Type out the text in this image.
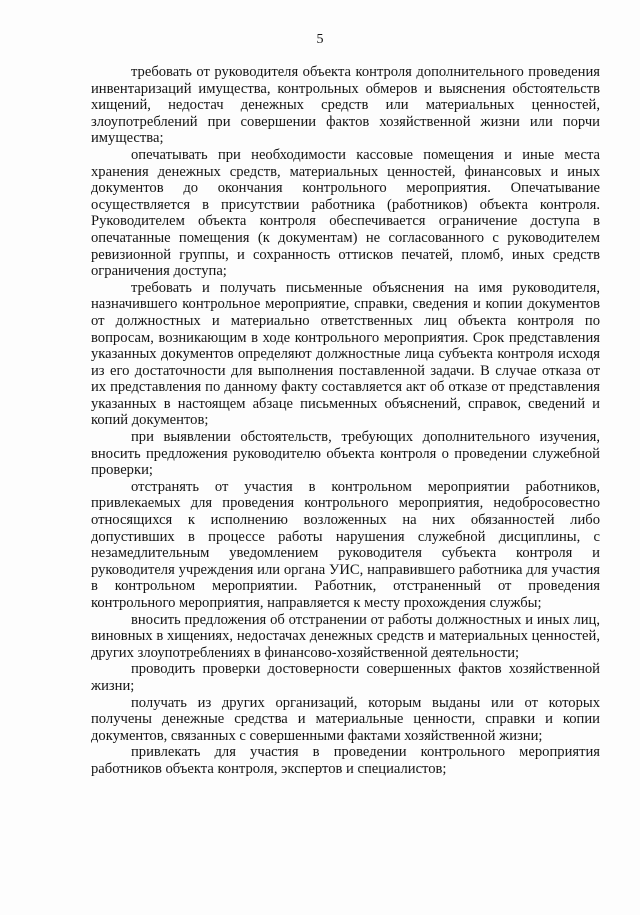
5

требовать от руководителя объекта контроля дополнительного проведения инвентаризаций имущества, контрольных обмеров и выяснения обстоятельств хищений, недостач денежных средств или материальных ценностей, злоупотреблений при совершении фактов хозяйственной жизни или порчи имущества;

опечатывать при необходимости кассовые помещения и иные места хранения денежных средств, материальных ценностей, финансовых и иных документов до окончания контрольного мероприятия. Опечатывание осуществляется в присутствии работника (работников) объекта контроля. Руководителем объекта контроля обеспечивается ограничение доступа в опечатанные помещения (к документам) не согласованного с руководителем ревизионной группы, и сохранность оттисков печатей, пломб, иных средств ограничения доступа;

требовать и получать письменные объяснения на имя руководителя, назначившего контрольное мероприятие, справки, сведения и копии документов от должностных и материально ответственных лиц объекта контроля по вопросам, возникающим в ходе контрольного мероприятия. Срок представления указанных документов определяют должностные лица субъекта контроля исходя из его достаточности для выполнения поставленной задачи. В случае отказа от их представления по данному факту составляется акт об отказе от представления указанных в настоящем абзаце письменных объяснений, справок, сведений и копий документов;

при выявлении обстоятельств, требующих дополнительного изучения, вносить предложения руководителю объекта контроля о проведении служебной проверки;

отстранять от участия в контрольном мероприятии работников, привлекаемых для проведения контрольного мероприятия, недобросовестно относящихся к исполнению возложенных на них обязанностей либо допустивших в процессе работы нарушения служебной дисциплины, с незамедлительным уведомлением руководителя субъекта контроля и руководителя учреждения или органа УИС, направившего работника для участия в контрольном мероприятии. Работник, отстраненный от проведения контрольного мероприятия, направляется к месту прохождения службы;

вносить предложения об отстранении от работы должностных и иных лиц, виновных в хищениях, недостачах денежных средств и материальных ценностей, других злоупотреблениях в финансово-хозяйственной деятельности;

проводить проверки достоверности совершенных фактов хозяйственной жизни;

получать из других организаций, которым выданы или от которых получены денежные средства и материальные ценности, справки и копии документов, связанных с совершенными фактами хозяйственной жизни;

привлекать для участия в проведении контрольного мероприятия работников объекта контроля, экспертов и специалистов;
